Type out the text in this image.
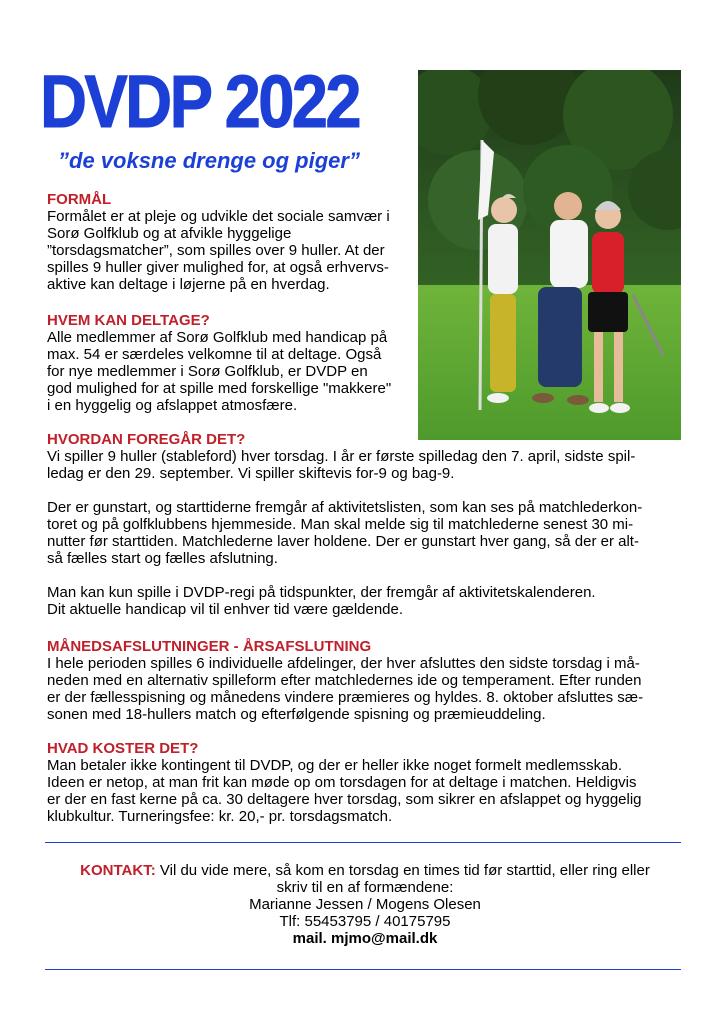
DVDP 2022
”de voksne drenge og piger”
FORMÅL
Formålet er at pleje og udvikle det sociale samvær i
Sorø Golfklub og at afvikle hyggelige
”torsdagsmatcher”, som spilles over 9 huller. At der
spilles 9 huller giver mulighed for, at også erhvervs-
aktive kan deltage i løjerne på en hverdag.
HVEM KAN DELTAGE?
Alle medlemmer af Sorø Golfklub med handicap på
max. 54 er særdeles velkomne til at deltage. Også
for nye medlemmer i Sorø Golfklub, er DVDP en
god mulighed for at spille med forskellige "makkere"
i en hyggelig og afslappet atmosfære.
HVORDAN FOREGÅR DET?
Vi spiller 9 huller (stableford) hver torsdag. I år er første spilledag den 7. april, sidste spil-
ledag er den 29. september. Vi spiller skiftevis for-9 og bag-9.
Der er gunstart, og starttiderne fremgår af aktivitetslisten, som kan ses på matchlederkon-
toret og på golfklubbens hjemmeside. Man skal melde sig til matchlederne senest 30 mi-
nutter før starttiden. Matchlederne laver holdene. Der er gunstart hver gang, så der er alt-
så fælles start og fælles afslutning.
Man kan kun spille i DVDP-regi på tidspunkter, der fremgår af aktivitetskalenderen.
Dit aktuelle handicap vil til enhver tid være gældende.
MÅNEDSAFSLUTNINGER - ÅRSAFSLUTNING
I hele perioden spilles 6 individuelle afdelinger, der hver afsluttes den sidste torsdag i må-
neden med en alternativ spilleform efter matchledernes ide og temperament. Efter runden
er der fællesspisning og månedens vindere præmieres og hyldes. 8. oktober afsluttes sæ-
sonen med 18-hullers match og efterfølgende spisning og præmieuddeling.
HVAD KOSTER DET?
Man betaler ikke kontingent til DVDP, og der er heller ikke noget formelt medlemsskab.
Ideen er netop, at man frit kan møde op om torsdagen for at deltage i matchen. Heldigvis
er der en fast kerne på ca. 30 deltagere hver torsdag, som sikrer en afslappet og hyggelig
klubkultur. Turneringsfee: kr. 20,- pr. torsdagsmatch.
KONTAKT: Vil du vide mere, så kom en torsdag en times tid før starttid, eller ring eller
skriv til en af formændene:
Marianne Jessen / Mogens Olesen
Tlf: 55453795 / 40175795
mail. mjmo@mail.dk
